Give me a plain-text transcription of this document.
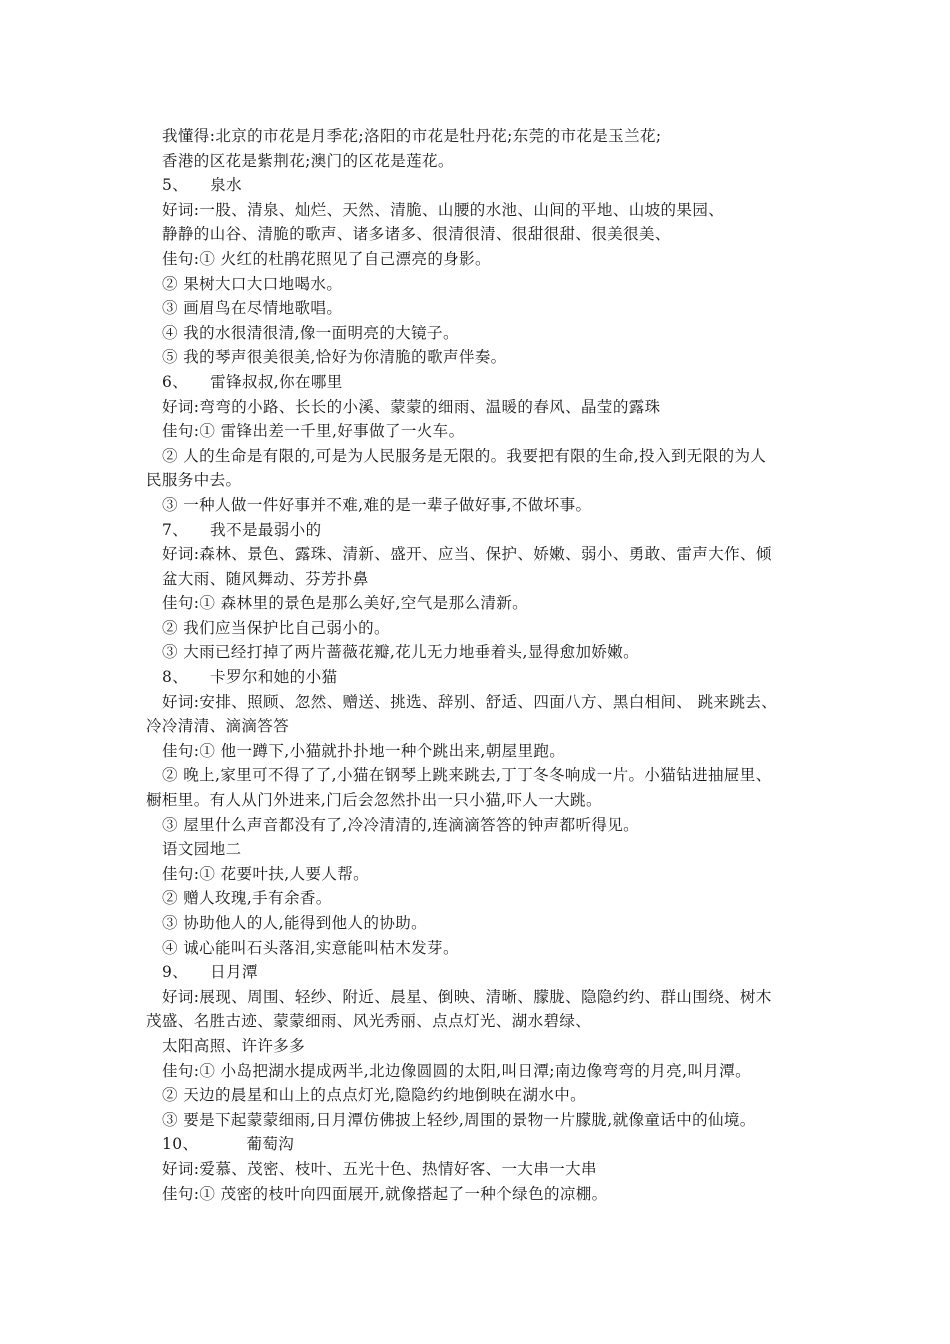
我懂得:北京的市花是月季花;洛阳的市花是牡丹花;东莞的市花是玉兰花;
香港的区花是紫荆花;澳门的区花是莲花。
5、 泉水
好词:一股、清泉、灿烂、天然、清脆、山腰的水池、山间的平地、山坡的果园、
静静的山谷、清脆的歌声、诸多诸多、很清很清、很甜很甜、很美很美、
佳句:① 火红的杜鹃花照见了自己漂亮的身影。
② 果树大口大口地喝水。
③ 画眉鸟在尽情地歌唱。
④ 我的水很清很清,像一面明亮的大镜子。
⑤ 我的琴声很美很美,恰好为你清脆的歌声伴奏。
6、 雷锋叔叔,你在哪里
好词:弯弯的小路、长长的小溪、蒙蒙的细雨、温暖的春风、晶莹的露珠
佳句:① 雷锋出差一千里,好事做了一火车。
② 人的生命是有限的,可是为人民服务是无限的。我要把有限的生命,投入到无限的为人
民服务中去。
③ 一种人做一件好事并不难,难的是一辈子做好事,不做坏事。
7、 我不是最弱小的
好词:森林、景色、露珠、清新、盛开、应当、保护、娇嫩、弱小、勇敢、雷声大作、倾
盆大雨、随风舞动、芬芳扑鼻
佳句:① 森林里的景色是那么美好,空气是那么清新。
② 我们应当保护比自己弱小的。
③ 大雨已经打掉了两片蔷薇花瓣,花儿无力地垂着头,显得愈加娇嫩。
8、 卡罗尔和她的小猫
好词:安排、照顾、忽然、赠送、挑选、辞别、舒适、四面八方、黑白相间、 跳来跳去、
冷冷清清、滴滴答答
佳句:① 他一蹲下,小猫就扑扑地一种个跳出来,朝屋里跑。
② 晚上,家里可不得了了,小猫在钢琴上跳来跳去,丁丁冬冬响成一片。小猫钻进抽屉里、
橱柜里。有人从门外进来,门后会忽然扑出一只小猫,吓人一大跳。
③ 屋里什么声音都没有了,冷冷清清的,连滴滴答答的钟声都听得见。
语文园地二
佳句:① 花要叶扶,人要人帮。
② 赠人玫瑰,手有余香。
③ 协助他人的人,能得到他人的协助。
④ 诚心能叫石头落泪,实意能叫枯木发芽。
9、 日月潭
好词:展现、周围、轻纱、附近、晨星、倒映、清晰、朦胧、隐隐约约、群山围绕、树木
茂盛、名胜古迹、蒙蒙细雨、风光秀丽、点点灯光、湖水碧绿、
太阳高照、许许多多
佳句:① 小岛把湖水提成两半,北边像圆圆的太阳,叫日潭;南边像弯弯的月亮,叫月潭。
② 天边的晨星和山上的点点灯光,隐隐约约地倒映在湖水中。
③ 要是下起蒙蒙细雨,日月潭仿佛披上轻纱,周围的景物一片朦胧,就像童话中的仙境。
10、	葡萄沟
好词:爱慕、茂密、枝叶、五光十色、热情好客、一大串一大串
佳句:① 茂密的枝叶向四面展开,就像搭起了一种个绿色的凉棚。
